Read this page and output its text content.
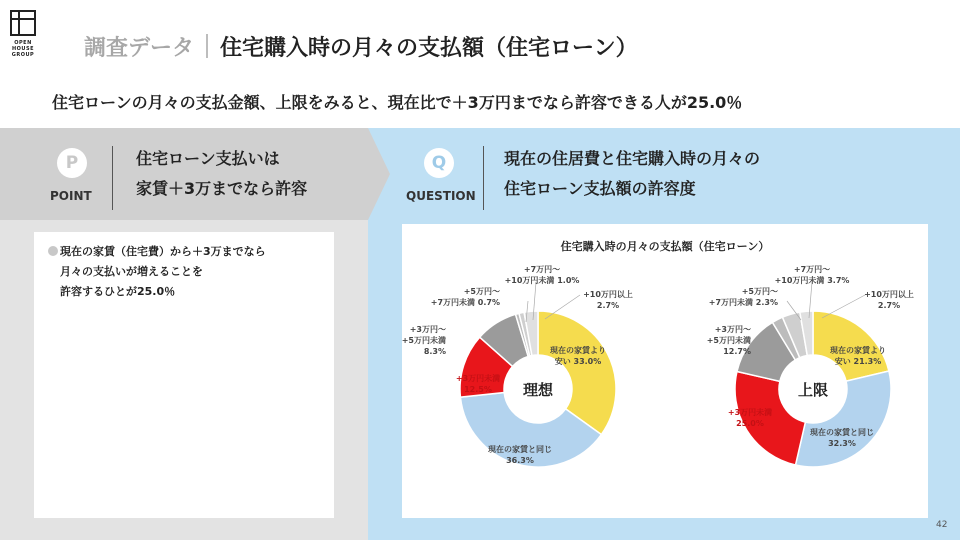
OPEN
HOUSE
GROUP 調査データ 住宅購入時の月々の支払額（住宅ローン）
住宅ローンの月々の支払金額、上限をみると、現在比で＋3万円までなら許容できる人が25.0％
P
POINT
住宅ローン支払いは
家賃＋3万までなら許容
Q
QUESTION
現在の住居費と住宅購入時の月々の
住宅ローン支払額の許容度
現在の家賃（住宅費）から＋3万までなら
月々の支払いが増えることを
許容するひとが25.0％
住宅購入時の月々の支払額（住宅ローン）
理想
現在の家賃より安い 33.0%
現在の家賃と同じ 36.3%
+3万円未満 12.5%
+3万円～+5万円未満 8.3%
+5万円～+7万円未満 0.7%
+7万円～+10万円未満 1.0%
+10万円以上 2.7%
上限
現在の家賃より安い 21.3%
現在の家賃と同じ 32.3%
+3万円未満 25.0%
+3万円～+5万円未満 12.7%
+5万円～+7万円未満 2.3%
+7万円～+10万円未満 3.7%
+10万円以上 2.7%
42
